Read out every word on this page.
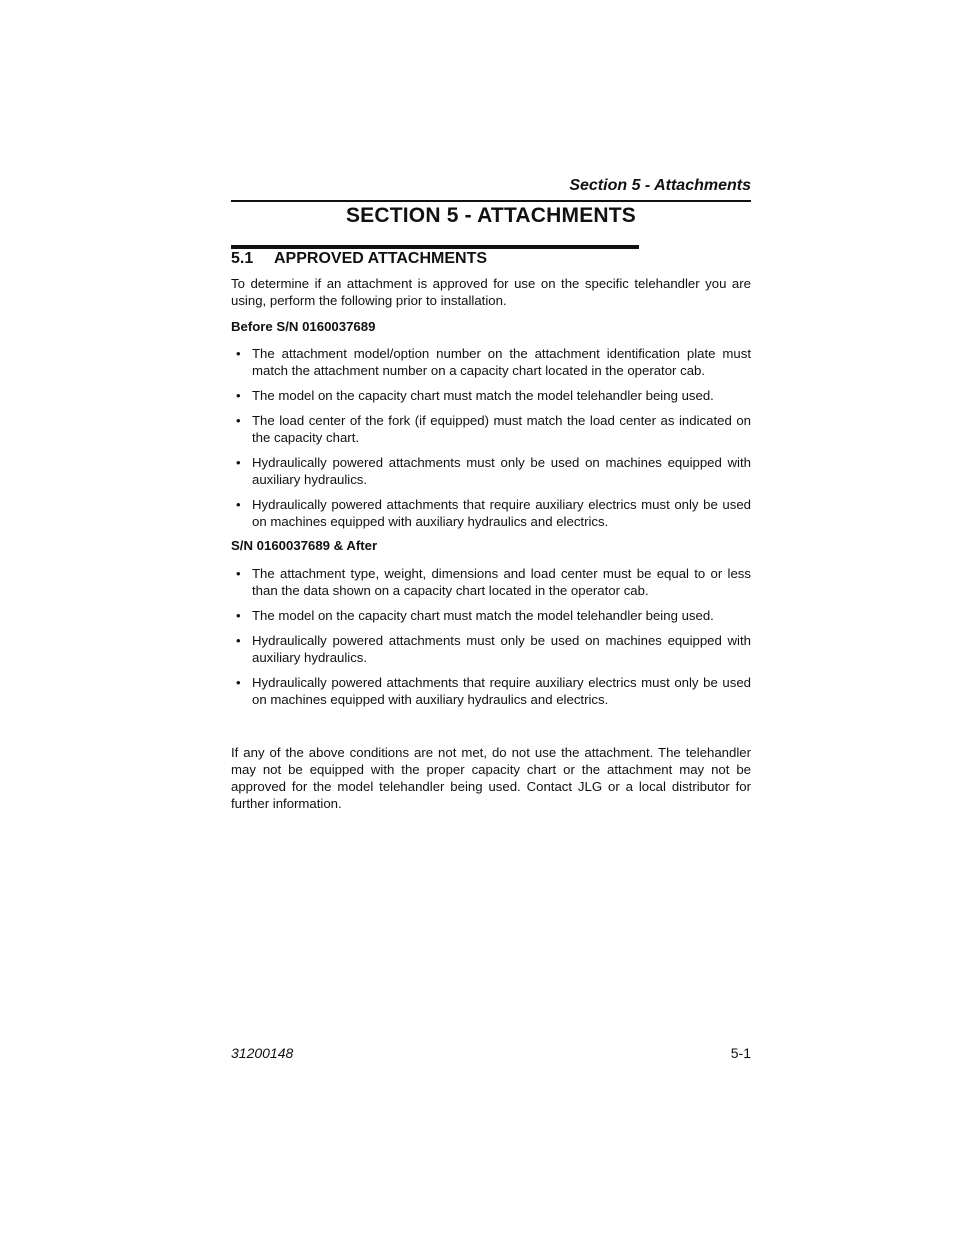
Section 5 - Attachments
SECTION 5 - ATTACHMENTS
5.1 APPROVED ATTACHMENTS
To determine if an attachment is approved for use on the specific telehandler you are using, perform the following prior to installation.
Before S/N 0160037689
• The attachment model/option number on the attachment identification plate must match the attachment number on a capacity chart located in the operator cab.
• The model on the capacity chart must match the model telehandler being used.
• The load center of the fork (if equipped) must match the load center as indicated on the capacity chart.
• Hydraulically powered attachments must only be used on machines equipped with auxiliary hydraulics.
• Hydraulically powered attachments that require auxiliary electrics must only be used on machines equipped with auxiliary hydraulics and electrics.
S/N 0160037689 & After
• The attachment type, weight, dimensions and load center must be equal to or less than the data shown on a capacity chart located in the operator cab.
• The model on the capacity chart must match the model telehandler being used.
• Hydraulically powered attachments must only be used on machines equipped with auxiliary hydraulics.
• Hydraulically powered attachments that require auxiliary electrics must only be used on machines equipped with auxiliary hydraulics and electrics.
If any of the above conditions are not met, do not use the attachment. The telehandler may not be equipped with the proper capacity chart or the attachment may not be approved for the model telehandler being used. Contact JLG or a local distributor for further information.
31200148	5-1
